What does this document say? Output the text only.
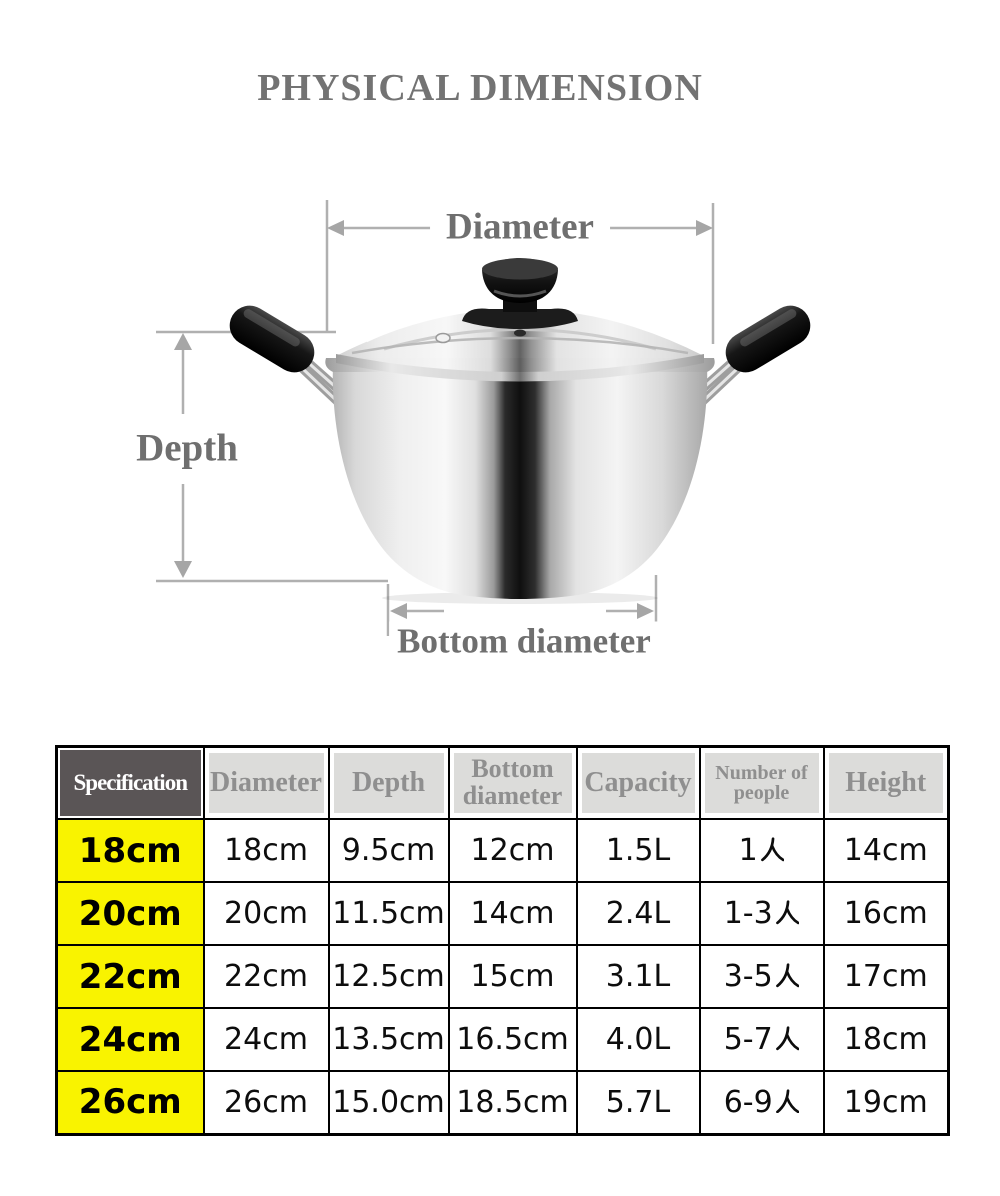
PHYSICAL DIMENSION
Diameter
Depth
Bottom diameter
Specification	Diameter	Depth	Bottom diameter	Capacity	Number of people	Height

18cm	18cm	9.5cm	12cm	1.5L	1	14cm
20cm	20cm	11.5cm	14cm	2.4L	1-3	16cm
22cm	22cm	12.5cm	15cm	3.1L	3-5	17cm
24cm	24cm	13.5cm	16.5cm	4.0L	5-7	18cm
26cm	26cm	15.0cm	18.5cm	5.7L	6-9	19cm
